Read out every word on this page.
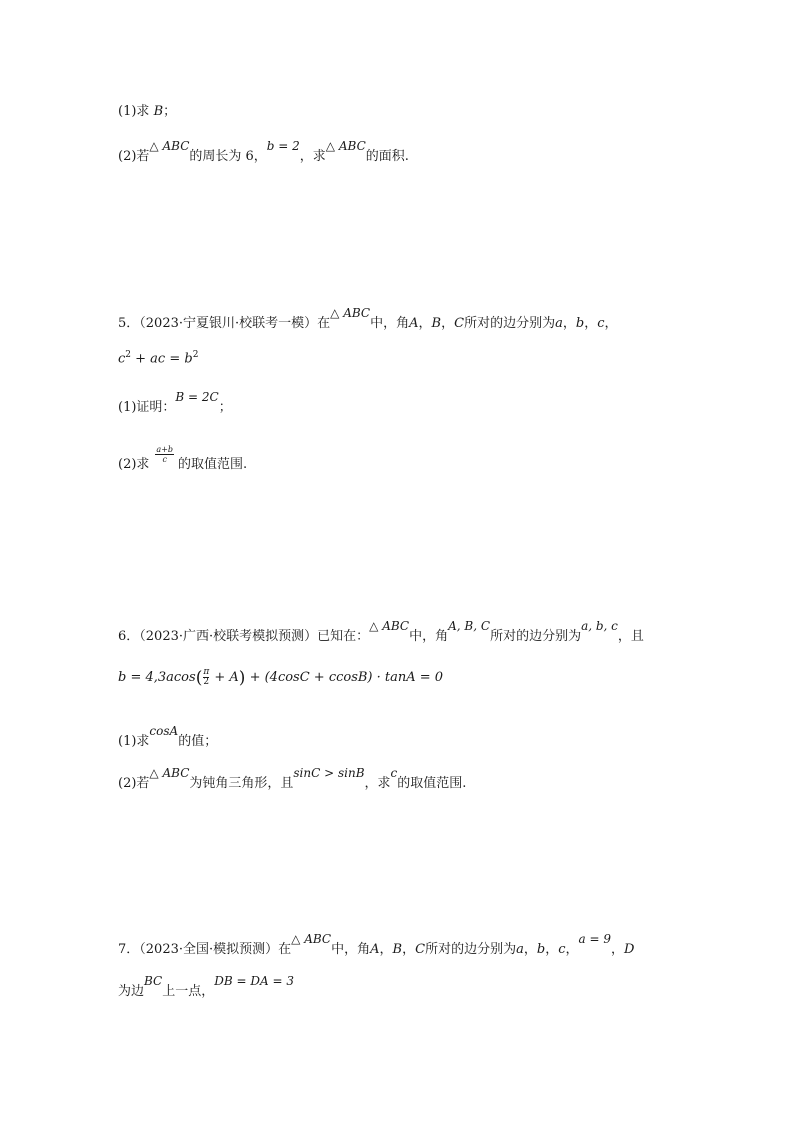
(1)求 B；
(2)若△ ABC的周长为 6，b = 2，求△ ABC的面积.
5．（2023·宁夏银川·校联考一模）在△ ABC中，角A，B，C所对的边分别为a，b，c，
$c^2$ + ac = $b^2$
(1)证明：B = 2C；
(2)求
$\frac{a+b}{c}$
的取值范围.
6．（2023·广西·校联考模拟预测）已知在：△ ABC中，角A, B, C所对的边分别为a, b, c，且
$b = 4,3acos( \frac{\pi}{2} + A) + (4\cos C + ccosB) \cdot \tan A = 0$
(1)求cosA的值；
(2)若△ ABC为钝角三角形，且sinC > sinB，求c的取值范围.
7．（2023·全国·模拟预测）在△ ABC中，角A，B，C所对的边分别为a，b，c，a = 9，D
为边BC上一点，DB = DA = 3
